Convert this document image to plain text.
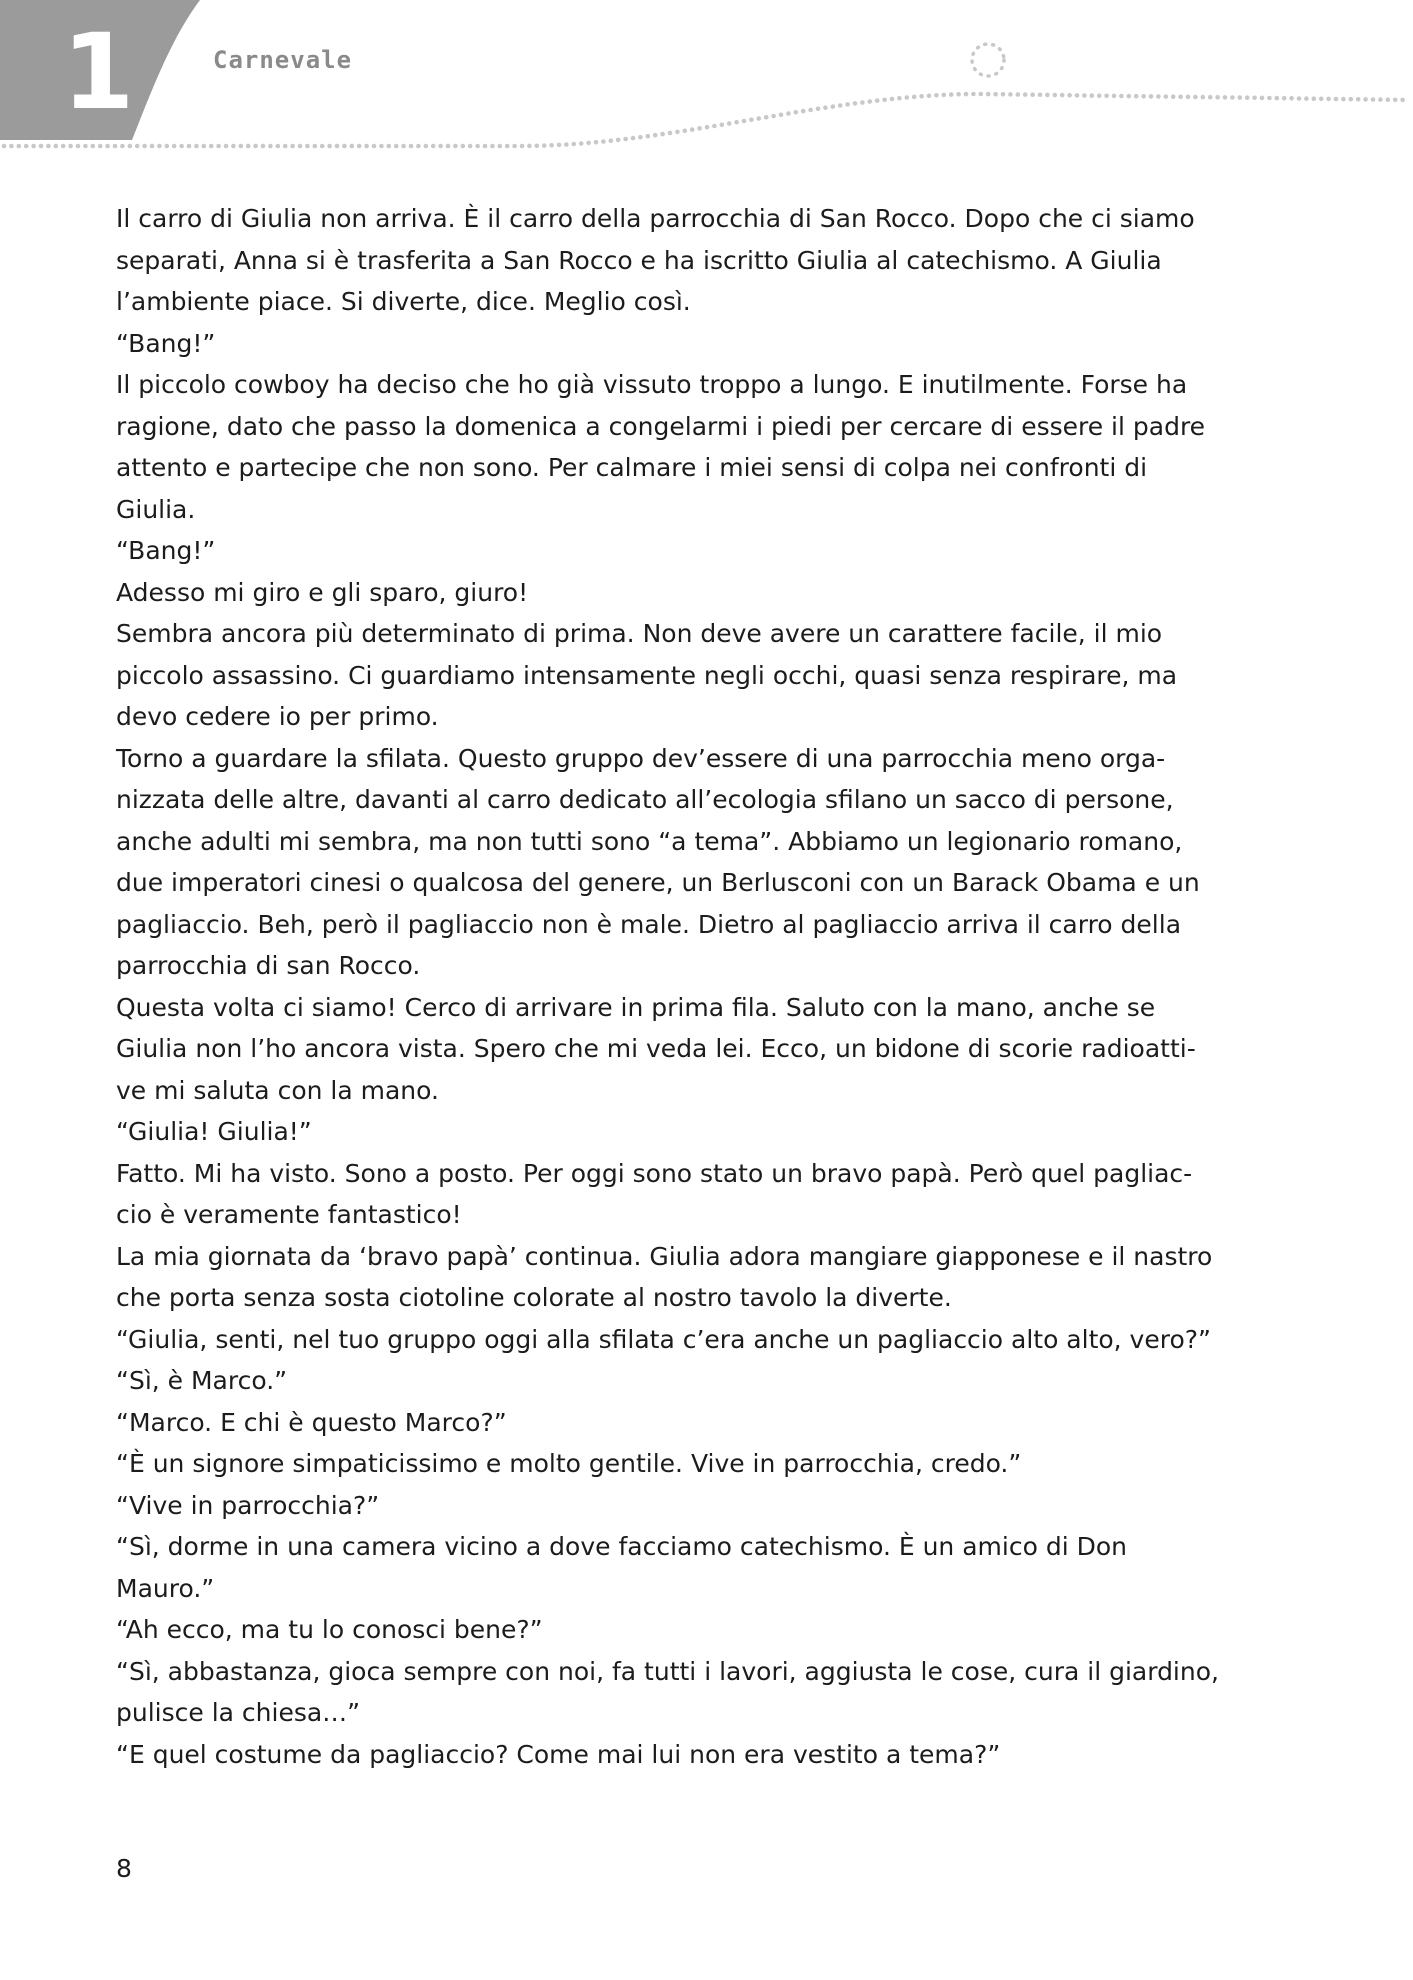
1	Carnevale
Il carro di Giulia non arriva. È il carro della parrocchia di San Rocco. Dopo che ci siamo
separati, Anna si è trasferita a San Rocco e ha iscritto Giulia al catechismo. A Giulia
l’ambiente piace. Si diverte, dice. Meglio così.
“Bang!”
Il piccolo cowboy ha deciso che ho già vissuto troppo a lungo. E inutilmente. Forse ha
ragione, dato che passo la domenica a congelarmi i piedi per cercare di essere il padre
attento e partecipe che non sono. Per calmare i miei sensi di colpa nei confronti di
Giulia.
“Bang!”
Adesso mi giro e gli sparo, giuro!
Sembra ancora più determinato di prima. Non deve avere un carattere facile, il mio
piccolo assassino. Ci guardiamo intensamente negli occhi, quasi senza respirare, ma
devo cedere io per primo.
Torno a guardare la sfilata. Questo gruppo dev’essere di una parrocchia meno orga-
nizzata delle altre, davanti al carro dedicato all’ecologia sfilano un sacco di persone,
anche adulti mi sembra, ma non tutti sono “a tema”. Abbiamo un legionario romano,
due imperatori cinesi o qualcosa del genere, un Berlusconi con un Barack Obama e un
pagliaccio. Beh, però il pagliaccio non è male. Dietro al pagliaccio arriva il carro della
parrocchia di san Rocco.
Questa volta ci siamo! Cerco di arrivare in prima fila. Saluto con la mano, anche se
Giulia non l’ho ancora vista. Spero che mi veda lei. Ecco, un bidone di scorie radioatti-
ve mi saluta con la mano.
“Giulia! Giulia!”
Fatto. Mi ha visto. Sono a posto. Per oggi sono stato un bravo papà. Però quel pagliac-
cio è veramente fantastico!
La mia giornata da ‘bravo papà’ continua. Giulia adora mangiare giapponese e il nastro
che porta senza sosta ciotoline colorate al nostro tavolo la diverte.
“Giulia, senti, nel tuo gruppo oggi alla sfilata c’era anche un pagliaccio alto alto, vero?”
“Sì, è Marco.”
“Marco. E chi è questo Marco?”
“È un signore simpaticissimo e molto gentile. Vive in parrocchia, credo.”
“Vive in parrocchia?”
“Sì, dorme in una camera vicino a dove facciamo catechismo. È un amico di Don
Mauro.”
“Ah ecco, ma tu lo conosci bene?”
“Sì, abbastanza, gioca sempre con noi, fa tutti i lavori, aggiusta le cose, cura il giardino,
pulisce la chiesa…”
“E quel costume da pagliaccio? Come mai lui non era vestito a tema?”
8
